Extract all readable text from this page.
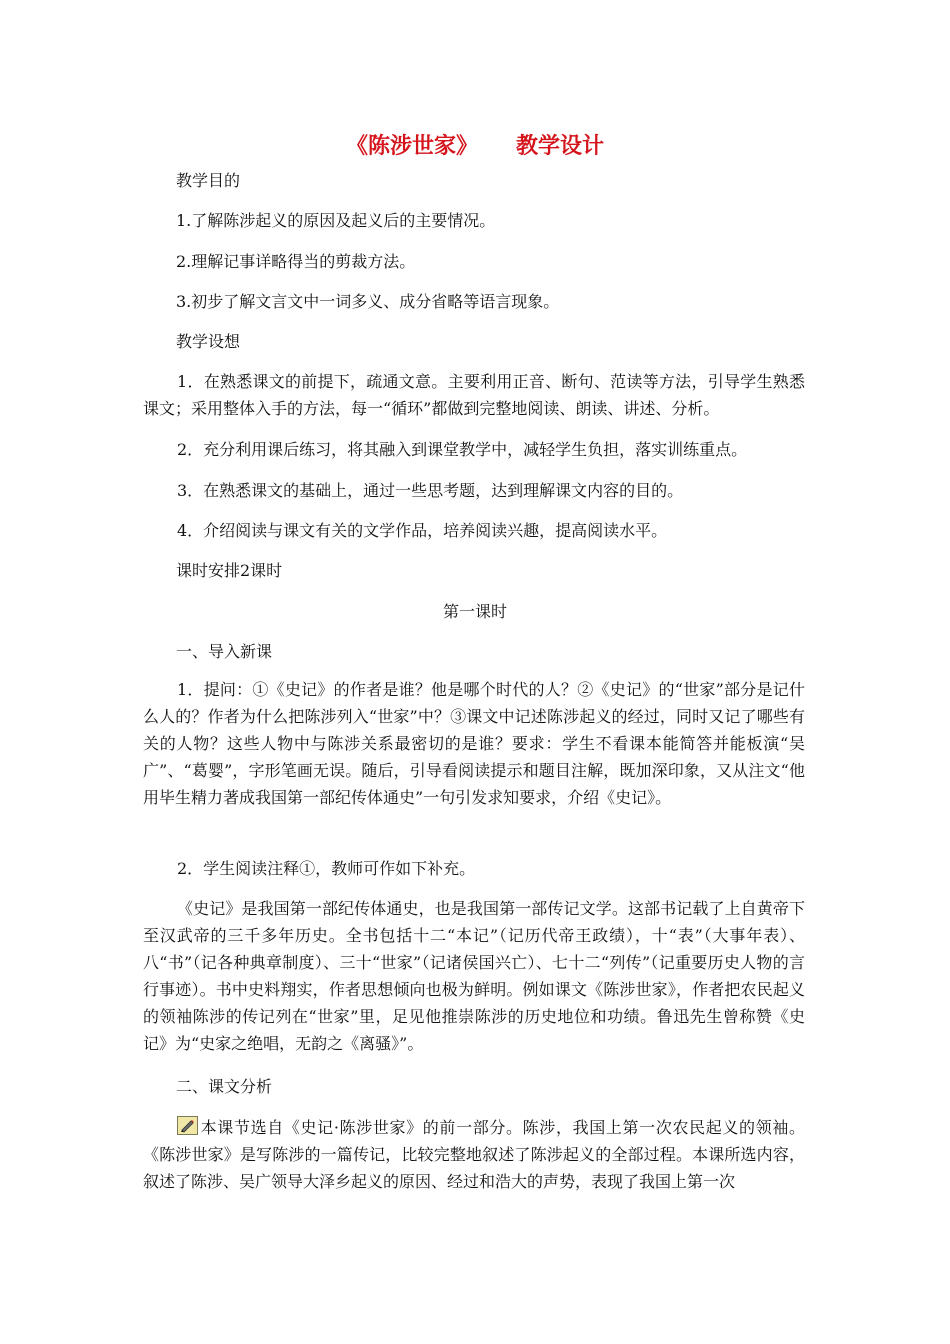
《陈涉世家》 教学设计
教学目的
1.了解陈涉起义的原因及起义后的主要情况。
2.理解记事详略得当的剪裁方法。
3.初步了解文言文中一词多义、成分省略等语言现象。
教学设想

1．在熟悉课文的前提下，疏通文意。主要利用正音、断句、范读等方法，引导学生熟悉课文；采用整体入手的方法，每一“循环”都做到完整地阅读、朗读、讲述、分析。

2．充分利用课后练习，将其融入到课堂教学中，减轻学生负担，落实训练重点。

3．在熟悉课文的基础上，通过一些思考题，达到理解课文内容的目的。

4．介绍阅读与课文有关的文学作品，培养阅读兴趣，提高阅读水平。

课时安排2课时
第一课时
一、导入新课

1．提问：①《史记》的作者是谁？他是哪个时代的人？②《史记》的“世家”部分是记什么人的？作者为什么把陈涉列入“世家”中？③课文中记述陈涉起义的经过，同时又记了哪些有关的人物？这些人物中与陈涉关系最密切的是谁？要求：学生不看课本能简答并能板演“吴广”、“葛婴”，字形笔画无误。随后，引导看阅读提示和题目注解，既加深印象，又从注文“他用毕生精力著成我国第一部纪传体通史”一句引发求知要求，介绍《史记》。

2．学生阅读注释①，教师可作如下补充。

《史记》是我国第一部纪传体通史，也是我国第一部传记文学。这部书记载了上自黄帝下至汉武帝的三千多年历史。全书包括十二“本记”（记历代帝王政绩），十“表”（大事年表）、八“书”（记各种典章制度）、三十“世家”（记诸侯国兴亡）、七十二“列传”（记重要历史人物的言行事迹）。书中史料翔实，作者思想倾向也极为鲜明。例如课文《陈涉世家》，作者把农民起义的领袖陈涉的传记列在“世家”里，足见他推崇陈涉的历史地位和功绩。鲁迅先生曾称赞《史记》为“史家之绝唱，无韵之《离骚》”。

二、课文分析

本课节选自《史记·陈涉世家》的前一部分。陈涉，我国上第一次农民起义的领袖。《陈涉世家》是写陈涉的一篇传记，比较完整地叙述了陈涉起义的全部过程。本课所选内容，叙述了陈涉、吴广领导大泽乡起义的原因、经过和浩大的声势，表现了我国上第一次
